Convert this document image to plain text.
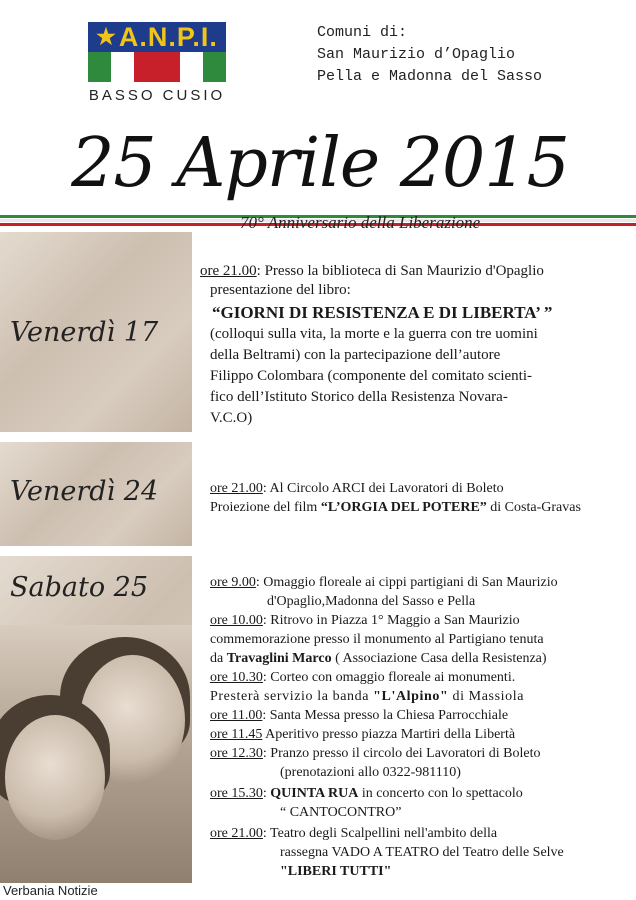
★A.N.P.I.
BASSO CUSIO
Comuni di:
San Maurizio d’Opaglio
Pella e Madonna del Sasso
25 Aprile 2015
70° Anniversario della Liberazione
Venerdì 17
Venerdì 24
Sabato 25
ore 21.00: Presso la biblioteca di San Maurizio d'Opaglio
presentazione del libro:
“GIORNI DI RESISTENZA E DI LIBERTA’ ”
(colloqui sulla vita, la morte e la guerra con tre uomini
della Beltrami) con la partecipazione dell’autore
Filippo Colombara (componente del comitato scienti-
fico dell’Istituto Storico della Resistenza Novara-
V.C.O)
ore 21.00: Al Circolo ARCI dei Lavoratori di Boleto
Proiezione del film “L’ORGIA DEL POTERE” di Costa-Gravas
ore 9.00: Omaggio floreale ai cippi partigiani di San Maurizio
d'Opaglio,Madonna del Sasso e Pella
ore 10.00: Ritrovo in Piazza 1° Maggio a San Maurizio
commemorazione presso il monumento al Partigiano tenuta
da Travaglini Marco ( Associazione Casa della Resistenza)
ore 10.30: Corteo con omaggio floreale ai monumenti.
Presterà servizio la banda "L'Alpino" di Massiola
ore 11.00: Santa Messa presso la Chiesa Parrocchiale
ore 11.45 Aperitivo presso piazza Martiri della Libertà
ore 12.30: Pranzo presso il circolo dei Lavoratori di Boleto
(prenotazioni allo 0322-981110)
ore 15.30: QUINTA RUA in concerto con lo spettacolo
“ CANTOCONTRO”
ore 21.00: Teatro degli Scalpellini nell'ambito della
rassegna VADO A TEATRO del Teatro delle Selve
"LIBERI TUTTI"
Verbania Notizie
